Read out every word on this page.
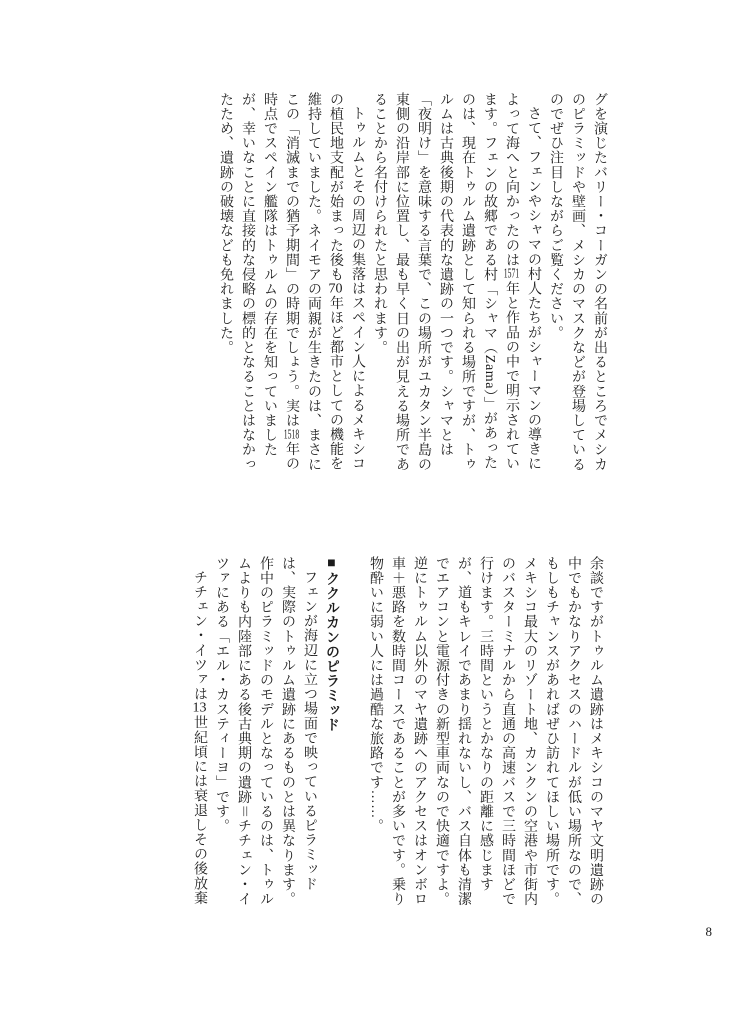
グを演じたバリー・コーガンの名前が出るところでメシカのピラミッドや壁画、メシカのマスクなどが登場しているのでぜひ注目しながらご覧ください。

さて、フェンやシャマの村人たちがシャーマンの導きによって海へと向かったのは1571年と作品の中で明示されています。フェンの故郷である村「シャマ（Zama）」があったのは、現在トゥルム遺跡として知られる場所ですが、トゥルムは古典後期の代表的な遺跡の一つです。シャマとは「夜明け」を意味する言葉で、この場所がユカタン半島の東側の沿岸部に位置し、最も早く日の出が見える場所であることから名付けられたと思われます。

トゥルムとその周辺の集落はスペイン人によるメキシコの植民地支配が始まった後も70年ほど都市としての機能を維持していました。ネイモアの両親が生きたのは、まさにこの「消滅までの猶予期間」の時期でしょう。実は1518年の時点でスペイン艦隊はトゥルムの存在を知っていましたが、幸いなことに直接的な侵略の標的となることはなかったため、遺跡の破壊なども免れました。

余談ですがトゥルム遺跡はメキシコのマヤ文明遺跡の中でもかなりアクセスのハードルが低い場所なので、もしもチャンスがあればぜひ訪れてほしい場所です。メキシコ最大のリゾート地、カンクンの空港や市街内のバスターミナルから直通の高速バスで三時間ほどで行けます。三時間というとかなりの距離に感じますが、道もキレイであまり揺れないし、バス自体も清潔でエアコンと電源付きの新型車両なので快適ですよ。逆にトゥルム以外のマヤ遺跡へのアクセスはオンボロ車＋悪路を数時間コースであることが多いです。乗り物酔いに弱い人には過酷な旅路です……。

■ククルカンのピラミッド

フェンが海辺に立つ場面で映っているピラミッドは、実際のトゥルム遺跡にあるものとは異なります。作中のピラミッドのモデルとなっているのは、トゥルムよりも内陸部にある後古典期の遺跡＝チチェン・イツァにある「エル・カスティーヨ」です。

チチェン・イツァは13世紀頃には衰退しその後放棄

8
